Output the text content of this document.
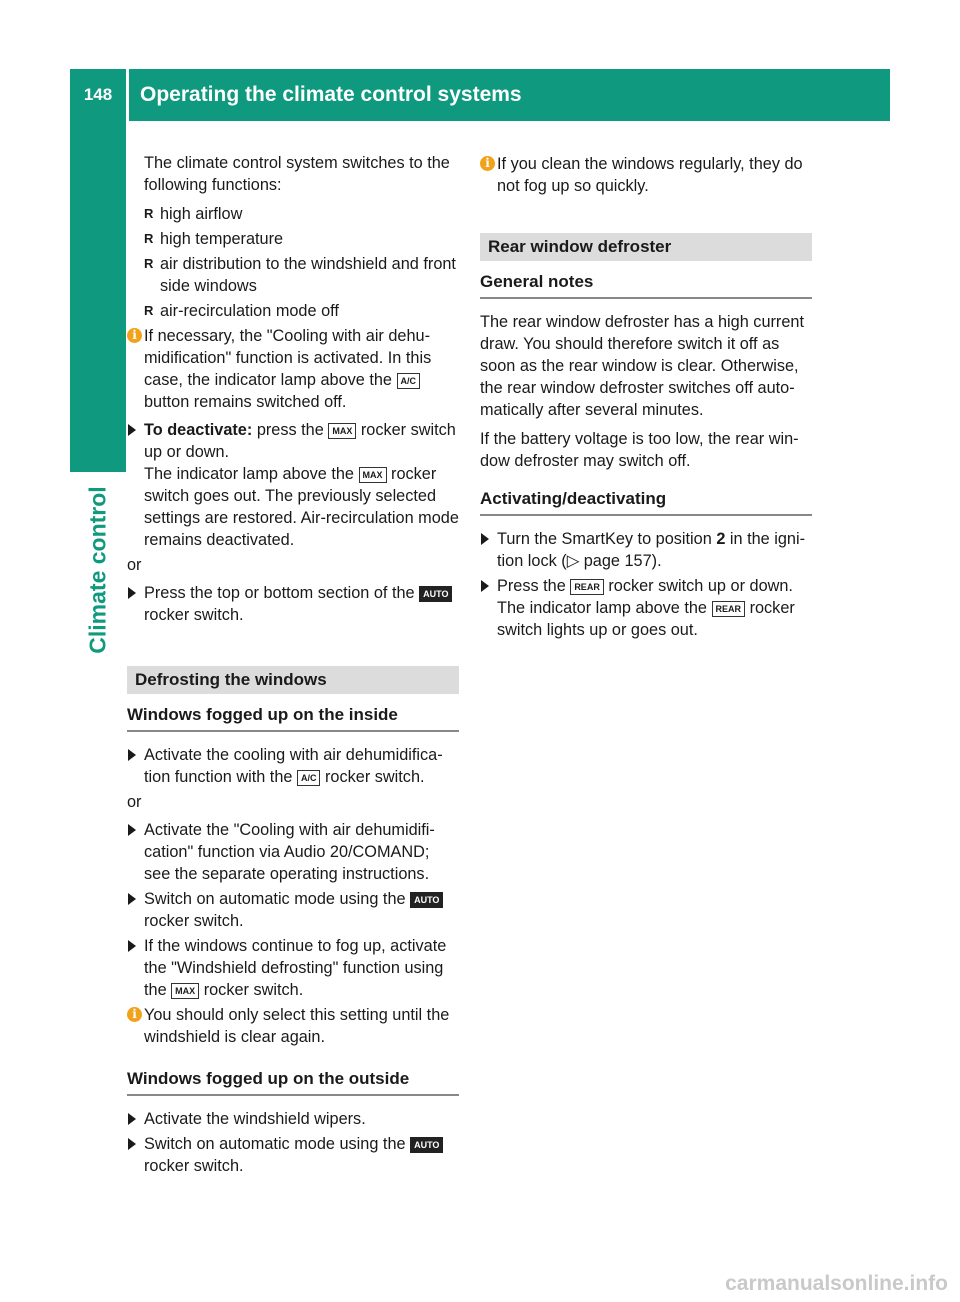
148	Operating the climate control systems
Climate control

The climate control system switches to the following functions:

R high airflow
R high temperature
R air distribution to the windshield and front side windows
R air-recirculation mode off
i If necessary, the "Cooling with air dehu- midification" function is activated. In this case, the indicator lamp above the A/C button remains switched off.
To deactivate: press the MAX rocker switch up or down.
The indicator lamp above the MAX rocker switch goes out. The previously selected settings are restored. Air-recirculation mode remains deactivated.
or
Press the top or bottom section of the AUTO rocker switch.
Defrosting the windows
Windows fogged up on the inside
Activate the cooling with air dehumidifica- tion function with the A/C rocker switch.
or
Activate the "Cooling with air dehumidifi- cation" function via Audio 20/COMAND; see the separate operating instructions.
Switch on automatic mode using the AUTO rocker switch.
If the windows continue to fog up, activate the "Windshield defrosting" function using the MAX rocker switch.
i You should only select this setting until the windshield is clear again.
Windows fogged up on the outside
Activate the windshield wipers.
Switch on automatic mode using the AUTO rocker switch.
i If you clean the windows regularly, they do not fog up so quickly.
Rear window defroster
General notes

The rear window defroster has a high current draw. You should therefore switch it off as soon as the rear window is clear. Otherwise, the rear window defroster switches off auto- matically after several minutes.

If the battery voltage is too low, the rear win- dow defroster may switch off.

Activating/deactivating
Turn the SmartKey to position 2 in the igni- tion lock (▷ page 157).
Press the REAR rocker switch up or down.
The indicator lamp above the REAR rocker switch lights up or goes out.
carmanualsonline.info
